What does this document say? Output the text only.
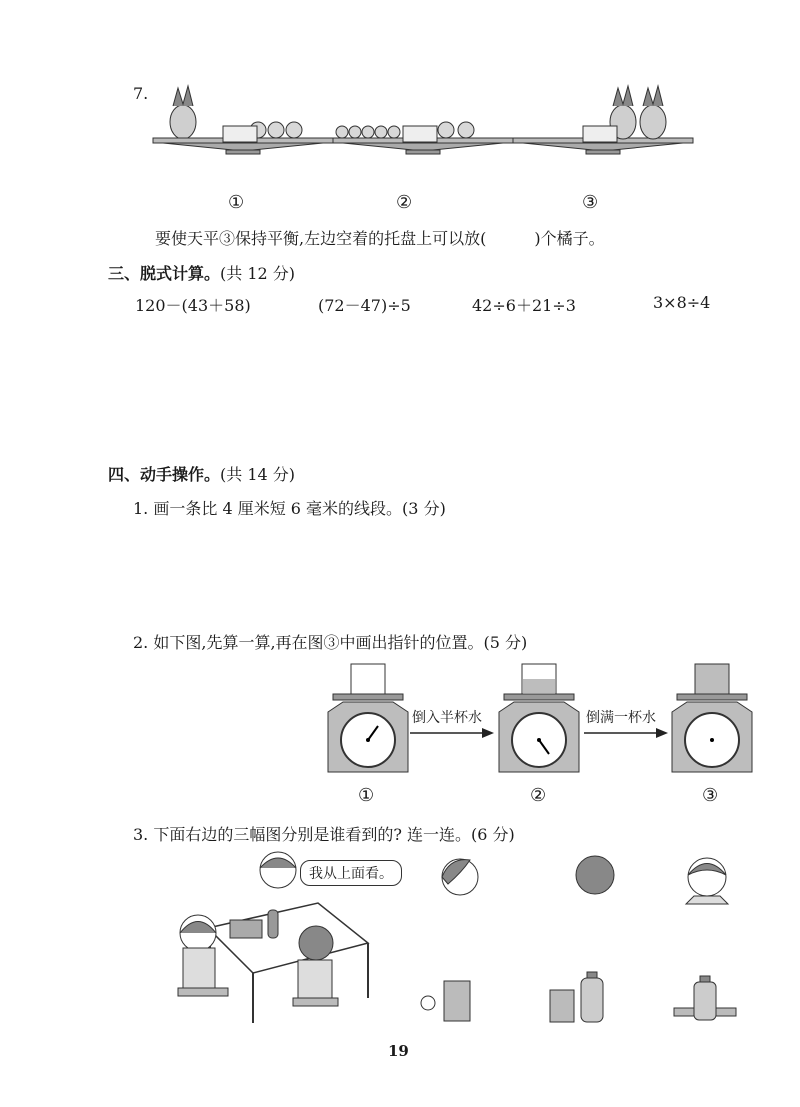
7.
①	②	③
要使天平③保持平衡,左边空着的托盘上可以放(　　　)个橘子。
三、脱式计算。(共 12 分)
120－(43＋58)	(72－47)÷5	42÷6＋21÷3	3×8÷4
四、动手操作。(共 14 分)
1. 画一条比 4 厘米短 6 毫米的线段。(3 分)
2. 如下图,先算一算,再在图③中画出指针的位置。(5 分)
倒入半杯水	倒满一杯水
①	②	③
3. 下面右边的三幅图分别是谁看到的? 连一连。(6 分)
我从上面看。
19
